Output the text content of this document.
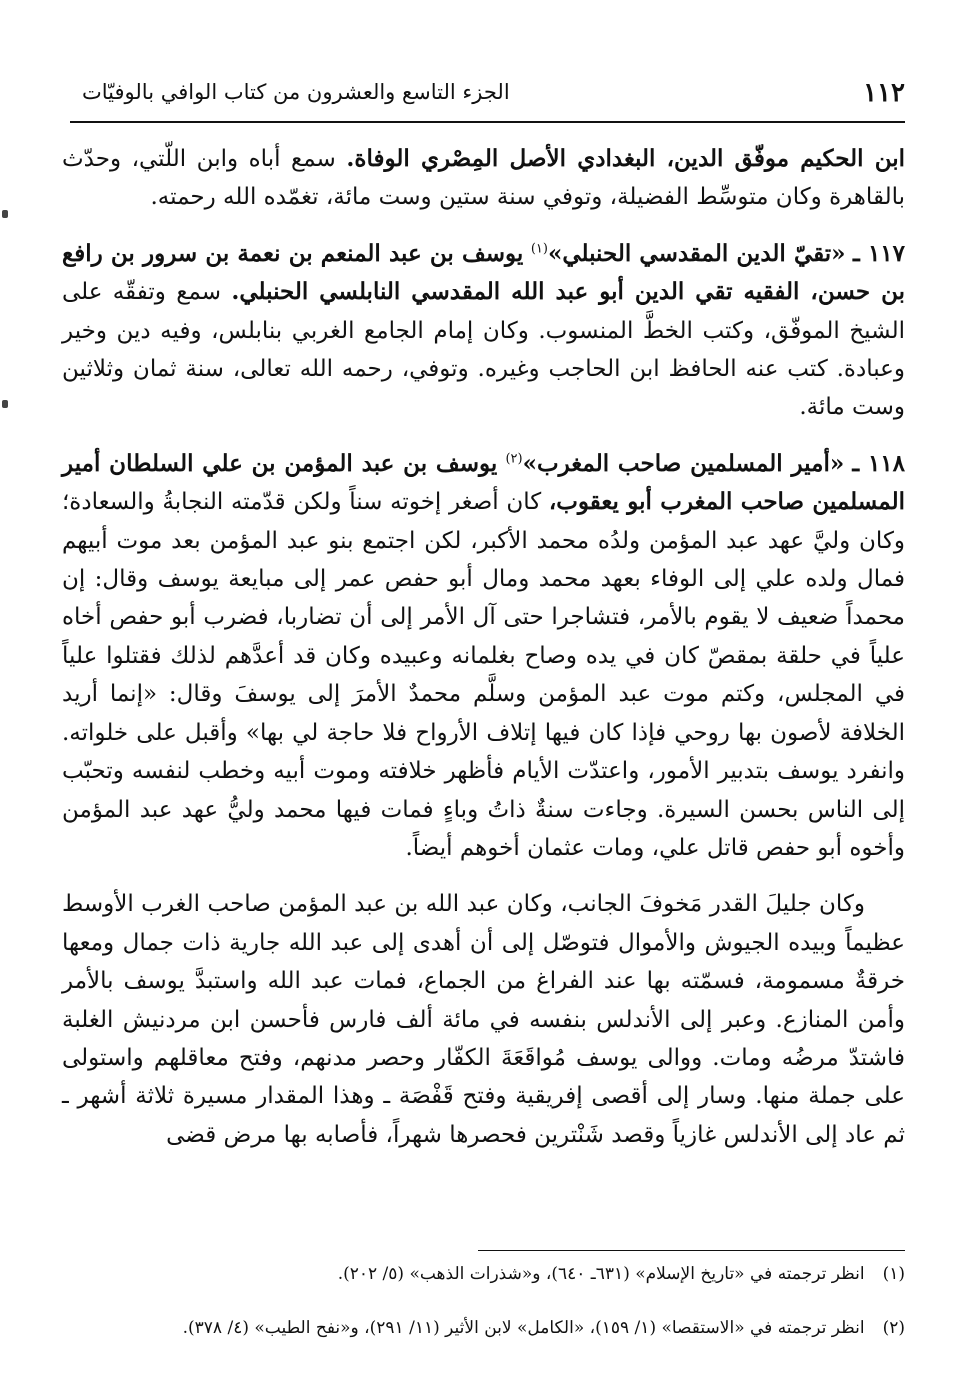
١١٢
الجزء التاسع والعشرون من كتاب الوافي بالوفيّات

ابن الحكيم موفّق الدين، البغدادي الأصل المِصْري الوفاة. سمع أباه وابن اللّتي، وحدّث بالقاهرة وكان متوسِّط الفضيلة، وتوفي سنة ستين وست مائة، تغمّده الله رحمته.

١١٧ ـ «تقيّ الدين المقدسي الحنبلي»$^{(١)}$ يوسف بن عبد المنعم بن نعمة بن سرور بن رافع بن حسن، الفقيه تقي الدين أبو عبد الله المقدسي النابلسي الحنبلي. سمع وتفقّه على الشيخ الموفّق، وكتب الخطَّ المنسوب. وكان إمام الجامع الغربي بنابلس، وفيه دين وخير وعبادة. كتب عنه الحافظ ابن الحاجب وغيره. وتوفي، رحمه الله تعالى، سنة ثمان وثلاثين وست مائة.

١١٨ ـ «أمير المسلمين صاحب المغرب»$^{(٢)}$ يوسف بن عبد المؤمن بن علي السلطان أمير المسلمين صاحب المغرب أبو يعقوب، كان أصغر إخوته سناً ولكن قدّمته النجابةُ والسعادة؛ وكان وليَّ عهد عبد المؤمن ولدُه محمد الأكبر، لكن اجتمع بنو عبد المؤمن بعد موت أبيهم فمال ولده علي إلى الوفاء بعهد محمد ومال أبو حفص عمر إلى مبايعة يوسف وقال: إن محمداً ضعيف لا يقوم بالأمر، فتشاجرا حتى آل الأمر إلى أن تضاربا، فضرب أبو حفص أخاه علياً في حلقة بمقصّ كان في يده وصاح بغلمانه وعبيده وكان قد أعدَّهم لذلك فقتلوا علياً في المجلس، وكتم موت عبد المؤمن وسلَّم محمدٌ الأمرَ إلى يوسفَ وقال: «إنما أريد الخلافة لأصون بها روحي فإذا كان فيها إتلاف الأرواح فلا حاجة لي بها» وأقبل على خلواته. وانفرد يوسف بتدبير الأمور، واعتدّت الأيام فأظهر خلافته وموت أبيه وخطب لنفسه وتحبّب إلى الناس بحسن السيرة. وجاءت سنةٌ ذاتُ وباءٍ فمات فيها محمد وليُّ عهد عبد المؤمن وأخوه أبو حفص قاتل علي، ومات عثمان أخوهم أيضاً.

وكان جليلَ القدر مَخوفَ الجانب، وكان عبد الله بن عبد المؤمن صاحب الغرب الأوسط عظيماً وبيده الجيوش والأموال فتوصّل إلى أن أهدى إلى عبد الله جارية ذات جمال ومعها خرقةٌ مسمومة، فسمّته بها عند الفراغ من الجماع، فمات عبد الله واستبدَّ يوسف بالأمر وأمن المنازع. وعبر إلى الأندلس بنفسه في مائة ألف فارس فأحسن ابن مردنيش الغلبة فاشتدّ مرضُه ومات. ووالى يوسف مُواقَعَةَ الكفّار وحصر مدنهم، وفتح معاقلهم واستولى على جملة منها. وسار إلى أقصى إفريقية وفتح قَفْصَة ـ وهذا المقدار مسيرة ثلاثة أشهر ـ ثم عاد إلى الأندلس غازياً وقصد شَنْترين فحصرها شهراً، فأصابه بها مرض قضى

(١)انظر ترجمته في «تاريخ الإسلام» (٦٣١ـ ٦٤٠)، و«شذرات الذهب» (٥/ ٢٠٢).

(٢)انظر ترجمته في «الاستقصا» (١/ ١٥٩)، «الكامل» لابن الأثير (١١/ ٢٩١)، و«نفح الطيب» (٤/ ٣٧٨).
